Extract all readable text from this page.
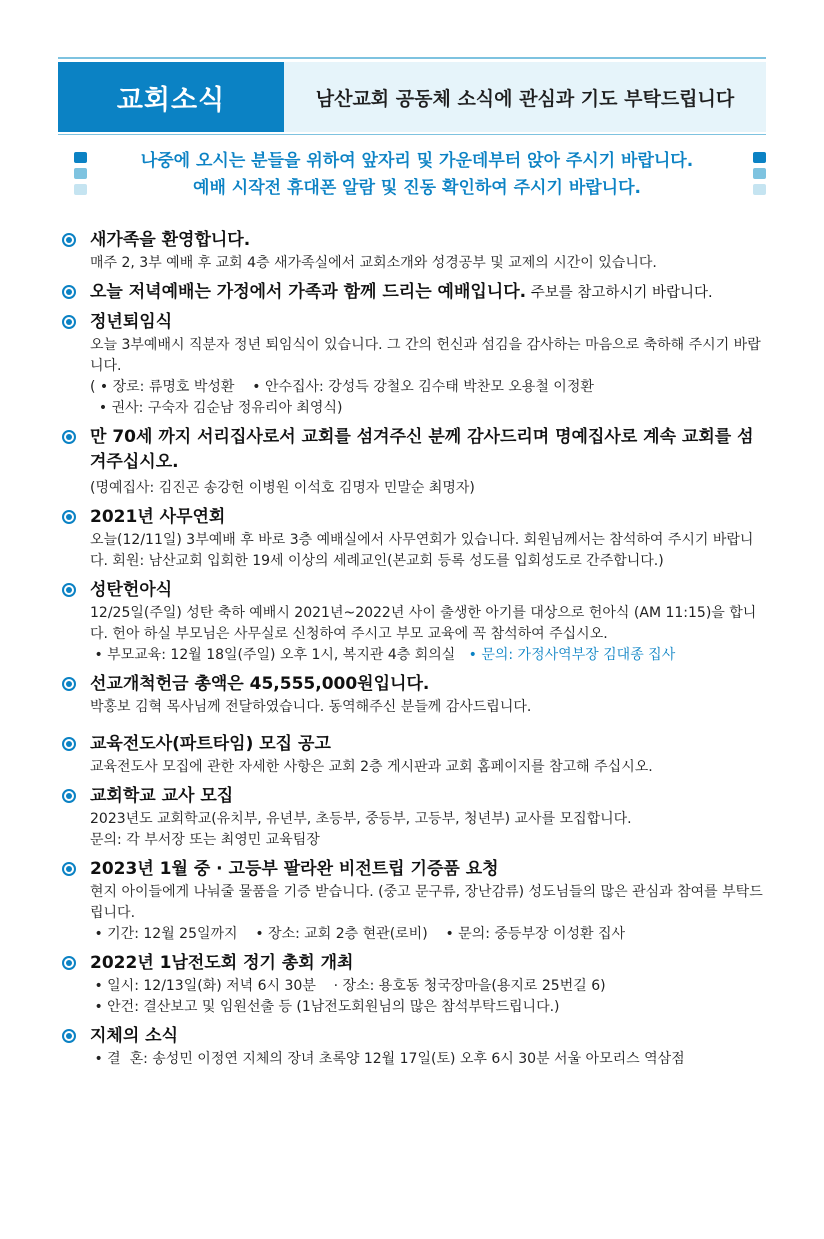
교회소식	남산교회 공동체 소식에 관심과 기도 부탁드립니다
나중에 오시는 분들을 위하여 앞자리 및 가운데부터 앉아 주시기 바랍니다.
예배 시작전 휴대폰 알람 및 진동 확인하여 주시기 바랍니다.
새가족을 환영합니다.
매주 2, 3부 예배 후 교회 4층 새가족실에서 교회소개와 성경공부 및 교제의 시간이 있습니다.
오늘 저녁예배는 가정에서 가족과 함께 드리는 예배입니다. 주보를 참고하시기 바랍니다.
정년퇴임식
오늘 3부예배시 직분자 정년 퇴임식이 있습니다. 그 간의 헌신과 섬김을 감사하는 마음으로 축하해 주시기 바랍니다.
( • 장로: 류명호 박성환    • 안수집사: 강성득 강철오 김수태 박찬모 오용철 이정환
• 권사: 구숙자 김순남 정유리아 최영식)
만 70세 까지 서리집사로서 교회를 섬겨주신 분께 감사드리며 명예집사로 계속 교회를 섬겨주십시오.
(명예집사: 김진곤 송강헌 이병원 이석호 김명자 민말순 최명자)
2021년 사무연회
오늘(12/11일) 3부예배 후 바로 3층 예배실에서 사무연회가 있습니다. 회원님께서는 참석하여 주시기 바랍니다. 회원: 남산교회 입회한 19세 이상의 세례교인(본교회 등록 성도를 입회성도로 간주합니다.)
성탄헌아식
12/25일(주일) 성탄 축하 예배시 2021년~2022년 사이 출생한 아기를 대상으로 헌아식 (AM 11:15)을 합니다. 헌아 하실 부모님은 사무실로 신청하여 주시고 부모 교육에 꼭 참석하여 주십시오.
• 부모교육: 12월 18일(주일) 오후 1시, 복지관 4층 회의실   • 문의: 가정사역부장 김대종 집사
선교개척헌금 총액은 45,555,000원입니다.
박홍보 김혁 목사님께 전달하였습니다. 동역해주신 분들께 감사드립니다.
교육전도사(파트타임) 모집 공고
교육전도사 모집에 관한 자세한 사항은 교회 2층 게시판과 교회 홈페이지를 참고해 주십시오.
교회학교 교사 모집
2023년도 교회학교(유치부, 유년부, 초등부, 중등부, 고등부, 청년부) 교사를 모집합니다.
문의: 각 부서장 또는 최영민 교육팀장
2023년 1월 중 · 고등부 팔라완 비전트립 기증품 요청
현지 아이들에게 나눠줄 물품을 기증 받습니다. (중고 문구류, 장난감류) 성도님들의 많은 관심과 참여를 부탁드립니다.
• 기간: 12월 25일까지    • 장소: 교회 2층 현관(로비)    • 문의: 중등부장 이성환 집사
2022년 1남전도회 정기 총회 개최
• 일시: 12/13일(화) 저녁 6시 30분    · 장소: 용호동 청국장마을(용지로 25번길 6)
• 안건: 결산보고 및 임원선출 등 (1남전도회원님의 많은 참석부탁드립니다.)
지체의 소식
• 결  혼: 송성민 이정연 지체의 장녀 초록양 12월 17일(토) 오후 6시 30분 서울 아모리스 역삼점
